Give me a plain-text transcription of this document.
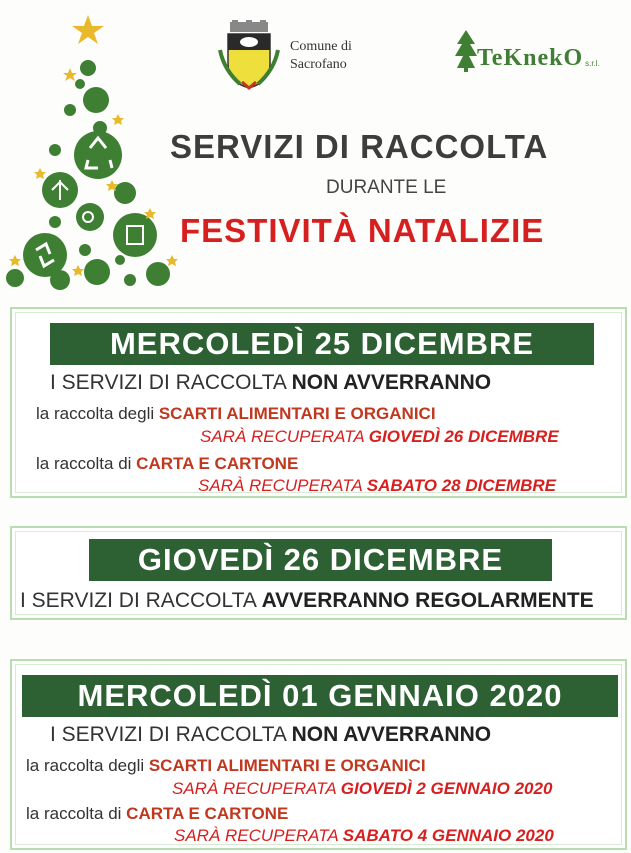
Comune di
Sacrofano	TeKnekO s.r.l.
SERVIZI DI RACCOLTA
DURANTE LE
FESTIVITÀ NATALIZIE
MERCOLEDÌ 25 DICEMBRE
I SERVIZI DI RACCOLTA NON AVVERRANNO
la raccolta degli SCARTI ALIMENTARI E ORGANICI
SARÀ RECUPERATA GIOVEDÌ 26 DICEMBRE
la raccolta di CARTA E CARTONE
SARÀ RECUPERATA SABATO 28 DICEMBRE
GIOVEDÌ 26 DICEMBRE
I SERVIZI DI RACCOLTA AVVERRANNO REGOLARMENTE
MERCOLEDÌ 01 GENNAIO 2020
I SERVIZI DI RACCOLTA NON AVVERRANNO
la raccolta degli SCARTI ALIMENTARI E ORGANICI
SARÀ RECUPERATA GIOVEDÌ 2 GENNAIO 2020
la raccolta di CARTA E CARTONE
SARÀ RECUPERATA SABATO 4 GENNAIO 2020
